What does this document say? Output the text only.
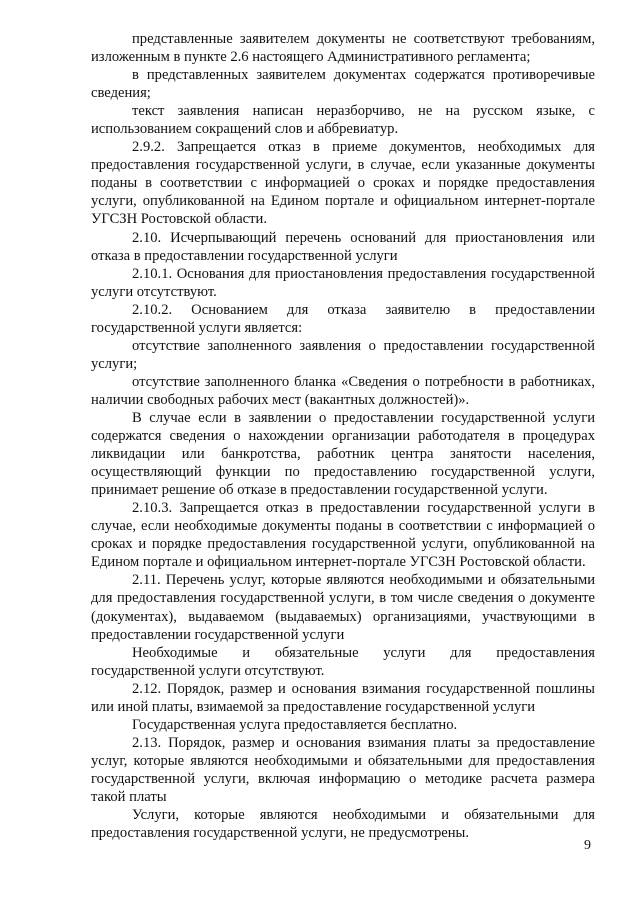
представленные заявителем документы не соответствуют требованиям, изложенным в пункте 2.6 настоящего Административного регламента;

в представленных заявителем документах содержатся противоречивые сведения;

текст заявления написан неразборчиво, не на русском языке, с использованием сокращений слов и аббревиатур.

2.9.2. Запрещается отказ в приеме документов, необходимых для предоставления государственной услуги, в случае, если указанные документы поданы в соответствии с информацией о сроках и порядке предоставления услуги, опубликованной на Едином портале и официальном интернет-портале УГСЗН Ростовской области.

2.10. Исчерпывающий перечень оснований для приостановления или отказа в предоставлении государственной услуги

2.10.1. Основания для приостановления предоставления государственной услуги отсутствуют.

2.10.2. Основанием для отказа заявителю в предоставлении государственной услуги является:

отсутствие заполненного заявления о предоставлении государственной услуги;

отсутствие заполненного бланка «Сведения о потребности в работниках, наличии свободных рабочих мест (вакантных должностей)».

В случае если в заявлении о предоставлении государственной услуги содержатся сведения о нахождении организации работодателя в процедурах ликвидации или банкротства, работник центра занятости населения, осуществляющий функции по предоставлению государственной услуги, принимает решение об отказе в предоставлении государственной услуги.

2.10.3. Запрещается отказ в предоставлении государственной услуги в случае, если необходимые документы поданы в соответствии с информацией о сроках и порядке предоставления государственной услуги, опубликованной на Едином портале и официальном интернет-портале УГСЗН Ростовской области.

2.11. Перечень услуг, которые являются необходимыми и обязательными для предоставления государственной услуги, в том числе сведения о документе (документах), выдаваемом (выдаваемых) организациями, участвующими в предоставлении государственной услуги

Необходимые и обязательные услуги для предоставления государственной услуги отсутствуют.

2.12. Порядок, размер и основания взимания государственной пошлины или иной платы, взимаемой за предоставление государственной услуги

Государственная услуга предоставляется бесплатно.

2.13. Порядок, размер и основания взимания платы за предоставление услуг, которые являются необходимыми и обязательными для предоставления государственной услуги, включая информацию о методике расчета размера такой платы

Услуги, которые являются необходимыми и обязательными для предоставления государственной услуги, не предусмотрены.

9
